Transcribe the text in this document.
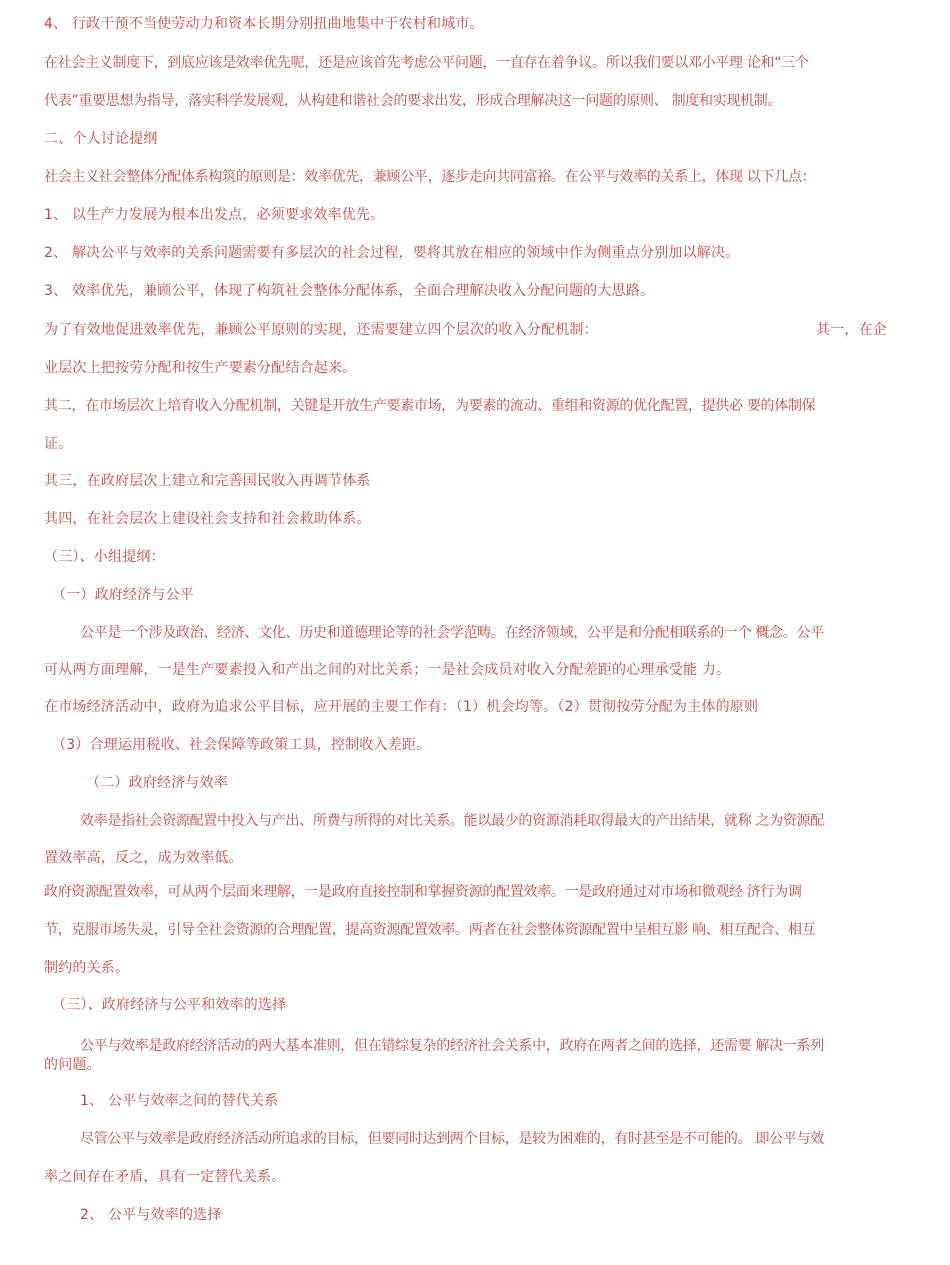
4、 行政干预不当使劳动力和资本长期分别扭曲地集中于农村和城市。
在社会主义制度下，到底应该是效率优先呢，还是应该首先考虑公平问题，一直存在着争议。所以我们要以邓小平理 论和“三个
代表”重要思想为指导，落实科学发展观，从构建和谐社会的要求出发，形成合理解决这一问题的原则、 制度和实现机制。
二、个人讨论提纲
社会主义社会整体分配体系构筑的原则是：效率优先，兼顾公平，逐步走向共同富裕。在公平与效率的关系上，体现 以下几点：
1、 以生产力发展为根本出发点，必须要求效率优先。
2、 解决公平与效率的关系问题需要有多层次的社会过程，要将其放在相应的领域中作为侧重点分别加以解决。
3、 效率优先，兼顾公平，体现了构筑社会整体分配体系，全面合理解决收入分配问题的大思路。
为了有效地促进效率优先，兼顾公平原则的实现，还需要建立四个层次的收入分配机制：	其一，在企
业层次上把按劳分配和按生产要素分配结合起来。
其二，在市场层次上培育收入分配机制，关键是开放生产要素市场，为要素的流动、重组和资源的优化配置，提供必 要的体制保
证。
其三，在政府层次上建立和完善国民收入再调节体系
其四，在社会层次上建设社会支持和社会救助体系。
（三）、小组提纲：
（一）政府经济与公平
公平是一个涉及政治、经济、文化、历史和道德理论等的社会学范畴。在经济领域，公平是和分配相联系的一个 概念。公平
可从两方面理解，一是生产要素投入和产出之间的对比关系；一是社会成员对收入分配差距的心理承受能 力。
在市场经济活动中，政府为追求公平目标，应开展的主要工作有：（1）机会均等。（2）贯彻按劳分配为主体的原则
（3）合理运用税收、社会保障等政策工具，控制收入差距。
（二）政府经济与效率
效率是指社会资源配置中投入与产出、所费与所得的对比关系。能以最少的资源消耗取得最大的产出结果，就称 之为资源配
置效率高，反之，成为效率低。
政府资源配置效率，可从两个层面来理解，一是政府直接控制和掌握资源的配置效率。一是政府通过对市场和微观经 济行为调
节，克服市场失灵，引导全社会资源的合理配置，提高资源配置效率。两者在社会整体资源配置中呈相互影 响、相互配合、相互
制约的关系。
（三）、政府经济与公平和效率的选择
公平与效率是政府经济活动的两大基本准则，但在错综复杂的经济社会关系中，政府在两者之间的选择，还需要 解决一系列
的问题。
1、 公平与效率之间的替代关系
尽管公平与效率是政府经济活动所追求的目标，但要同时达到两个目标，是较为困难的，有时甚至是不可能的。 即公平与效
率之间存在矛盾，具有一定替代关系。
2、 公平与效率的选择
